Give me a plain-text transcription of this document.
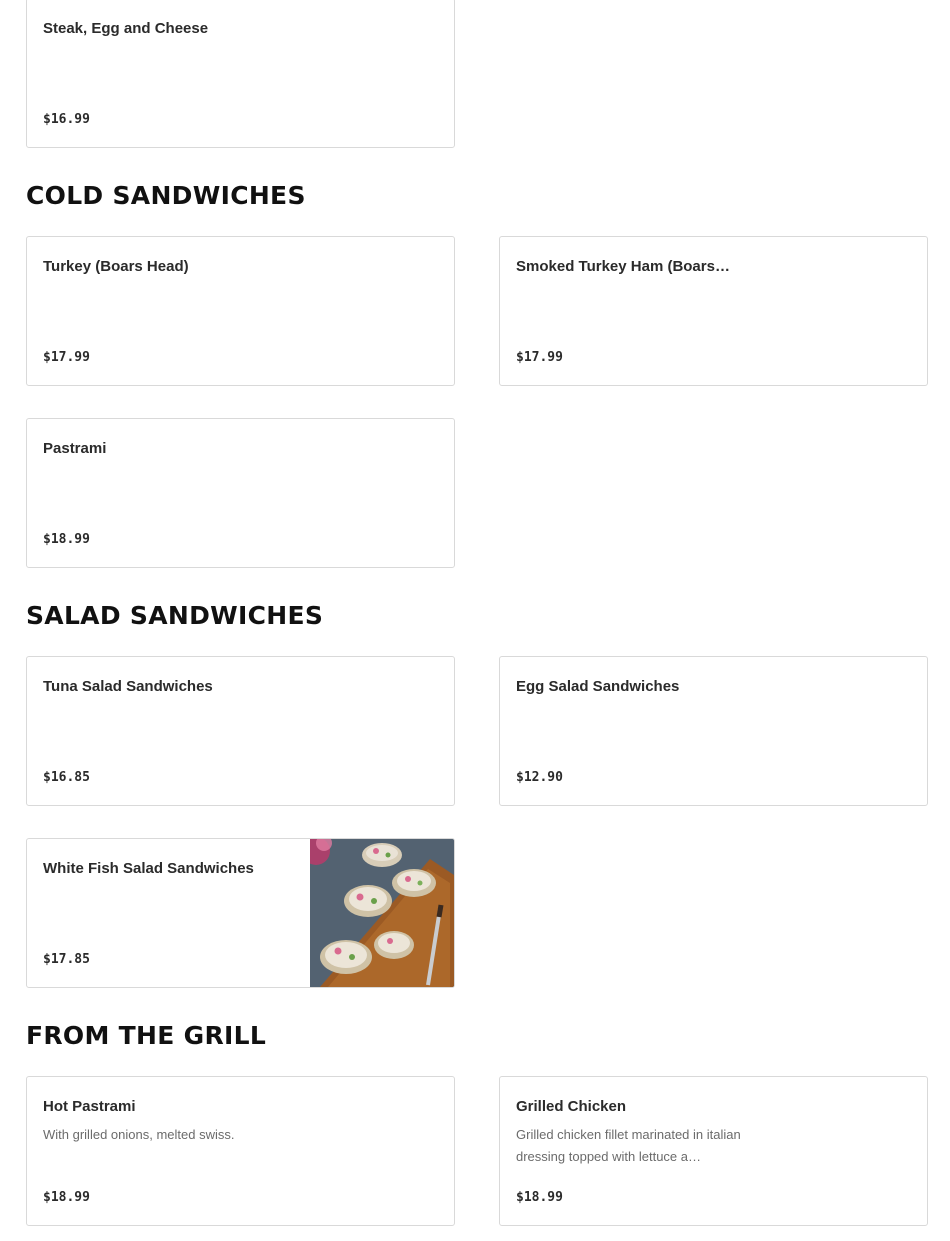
Steak, Egg and Cheese
$16.99
COLD SANDWICHES
Turkey (Boars Head)
$17.99
Smoked Turkey Ham (Boars…
$17.99
Pastrami
$18.99
SALAD SANDWICHES
Tuna Salad Sandwiches
$16.85
Egg Salad Sandwiches
$12.90
White Fish Salad Sandwiches
$17.85
FROM THE GRILL
Hot Pastrami
With grilled onions, melted swiss.
$18.99
Grilled Chicken
Grilled chicken fillet marinated in italian dressing topped with lettuce a…
$18.99
